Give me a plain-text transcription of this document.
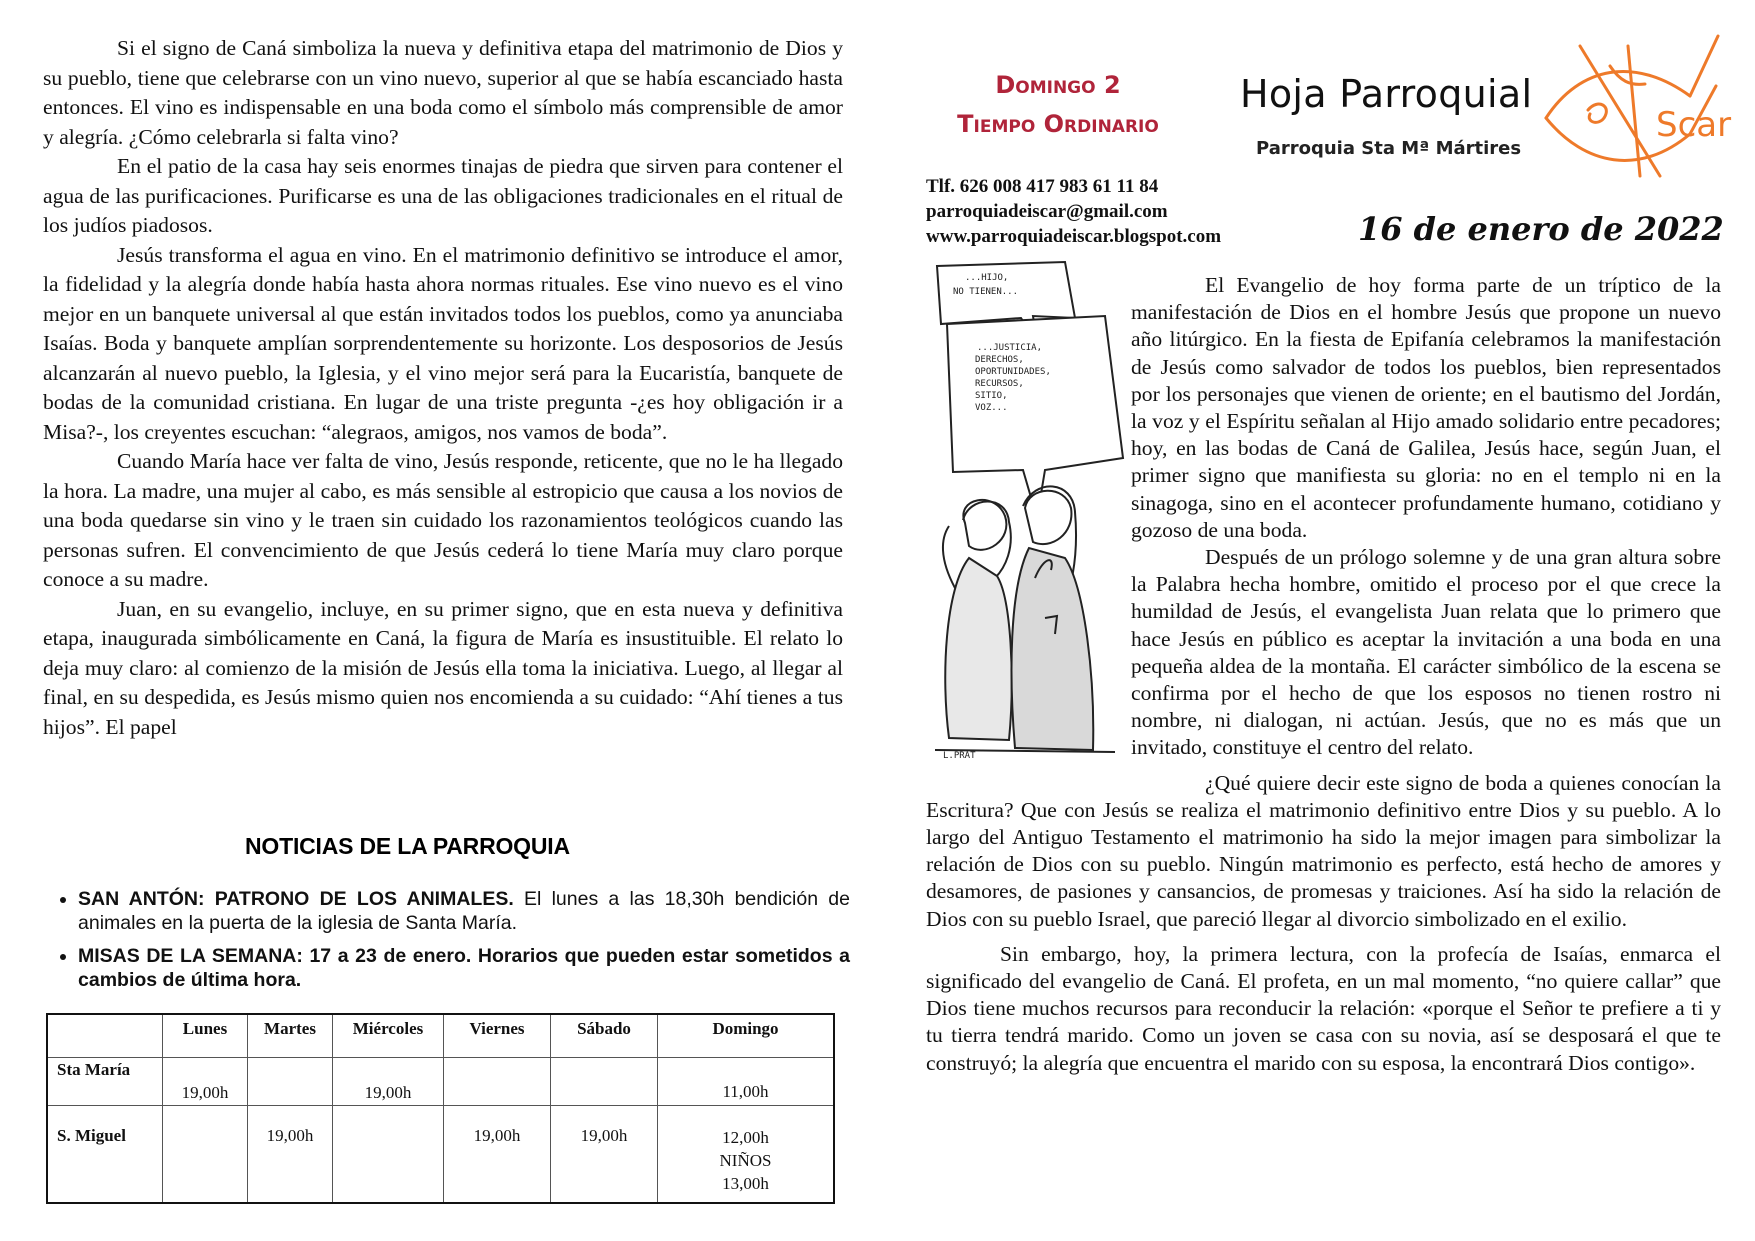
Si el signo de Caná simboliza la nueva y definitiva etapa del matrimonio de Dios y su pueblo, tiene que celebrarse con un vino nuevo, superior al que se había escanciado hasta entonces. El vino es indispensable en una boda como el símbolo más comprensible de amor y alegría. ¿Cómo celebrarla si falta vino?

En el patio de la casa hay seis enormes tinajas de piedra que sirven para contener el agua de las purificaciones. Purificarse es una de las obligaciones tradicionales en el ritual de los judíos piadosos.

Jesús transforma el agua en vino. En el matrimonio definitivo se introduce el amor, la fidelidad y la alegría donde había hasta ahora normas rituales. Ese vino nuevo es el vino mejor en un banquete universal al que están invitados todos los pueblos, como ya anunciaba Isaías. Boda y banquete amplían sorprendentemente su horizonte. Los desposorios de Jesús alcanzarán al nuevo pueblo, la Iglesia, y el vino mejor será para la Eucaristía, banquete de bodas de la comunidad cristiana. En lugar de una triste pregunta -¿es hoy obligación ir a Misa?-, los creyentes escuchan: “alegraos, amigos, nos vamos de boda”.

Cuando María hace ver falta de vino, Jesús responde, reticente, que no le ha llegado la hora. La madre, una mujer al cabo, es más sensible al estropicio que causa a los novios de una boda quedarse sin vino y le traen sin cuidado los razonamientos teológicos cuando las personas sufren. El convencimiento de que Jesús cederá lo tiene María muy claro porque conoce a su madre.

Juan, en su evangelio, incluye, en su primer signo, que en esta nueva y definitiva etapa, inaugurada simbólicamente en Caná, la figura de María es insustituible. El relato lo deja muy claro: al comienzo de la misión de Jesús ella toma la iniciativa. Luego, al llegar al final, en su despedida, es Jesús mismo quien nos encomienda a su cuidado: “Ahí tienes a tus hijos”. El papel

NOTICIAS DE LA PARROQUIA
• SAN ANTÓN: PATRONO DE LOS ANIMALES. El lunes a las 18,30h bendición de animales en la puerta de la iglesia de Santa María.
• MISAS DE LA SEMANA: 17 a 23 de enero. Horarios que pueden estar sometidos a cambios de última hora.
	Lunes	Martes	Miércoles	Viernes	Sábado	Domingo
Sta María	19,00h		19,00h			11,00h

S. Miguel		19,00h		19,00h	19,00h	12,00h
NIÑOS
13,00h
Domingo 2
Tiempo Ordinario
Hoja Parroquial
Parroquia Sta Mª Mártires
Scar
Tlf. 626 008 417 983 61 11 84
parroquiadeiscar@gmail.com
www.parroquiadeiscar.blogspot.com	16 de enero de 2022
...HIJO,
NO TIENEN...
...JUSTICIA,
DERECHOS,
OPORTUNIDADES,
RECURSOS,
SITIO,
VOZ...
L.PRAT

El Evangelio de hoy forma parte de un tríptico de la manifestación de Dios en el hombre Jesús que propone un nuevo año litúrgico. En la fiesta de Epifanía celebramos la manifestación de Jesús como salvador de todos los pueblos, bien representados por los personajes que vienen de oriente; en el bautismo del Jordán, la voz y el Espíritu señalan al Hijo amado solidario entre pecadores; hoy, en las bodas de Caná de Galilea, Jesús hace, según Juan, el primer signo que manifiesta su gloria: no en el templo ni en la sinagoga, sino en el acontecer profundamente humano, cotidiano y gozoso de una boda.

Después de un prólogo solemne y de una gran altura sobre la Palabra hecha hombre, omitido el proceso por el que crece la humildad de Jesús, el evangelista Juan relata que lo primero que hace Jesús en público es aceptar la invitación a una boda en una pequeña aldea de la montaña. El carácter simbólico de la escena se confirma por el hecho de que los esposos no tienen rostro ni nombre, ni dialogan, ni actúan. Jesús, que no es más que un invitado, constituye el centro del relato.

¿Qué quiere decir este signo de boda a quienes conocían la Escritura? Que con Jesús se realiza el matrimonio definitivo entre Dios y su pueblo. A lo largo del Antiguo Testamento el matrimonio ha sido la mejor imagen para simbolizar la relación de Dios con su pueblo. Ningún matrimonio es perfecto, está hecho de amores y desamores, de pasiones y cansancios, de promesas y traiciones. Así ha sido la relación de Dios con su pueblo Israel, que pareció llegar al divorcio simbolizado en el exilio.

Sin embargo, hoy, la primera lectura, con la profecía de Isaías, enmarca el significado del evangelio de Caná. El profeta, en un mal momento, “no quiere callar” que Dios tiene muchos recursos para reconducir la relación: «porque el Señor te prefiere a ti y tu tierra tendrá marido. Como un joven se casa con su novia, así se desposará el que te construyó; la alegría que encuentra el marido con su esposa, la encontrará Dios contigo».
